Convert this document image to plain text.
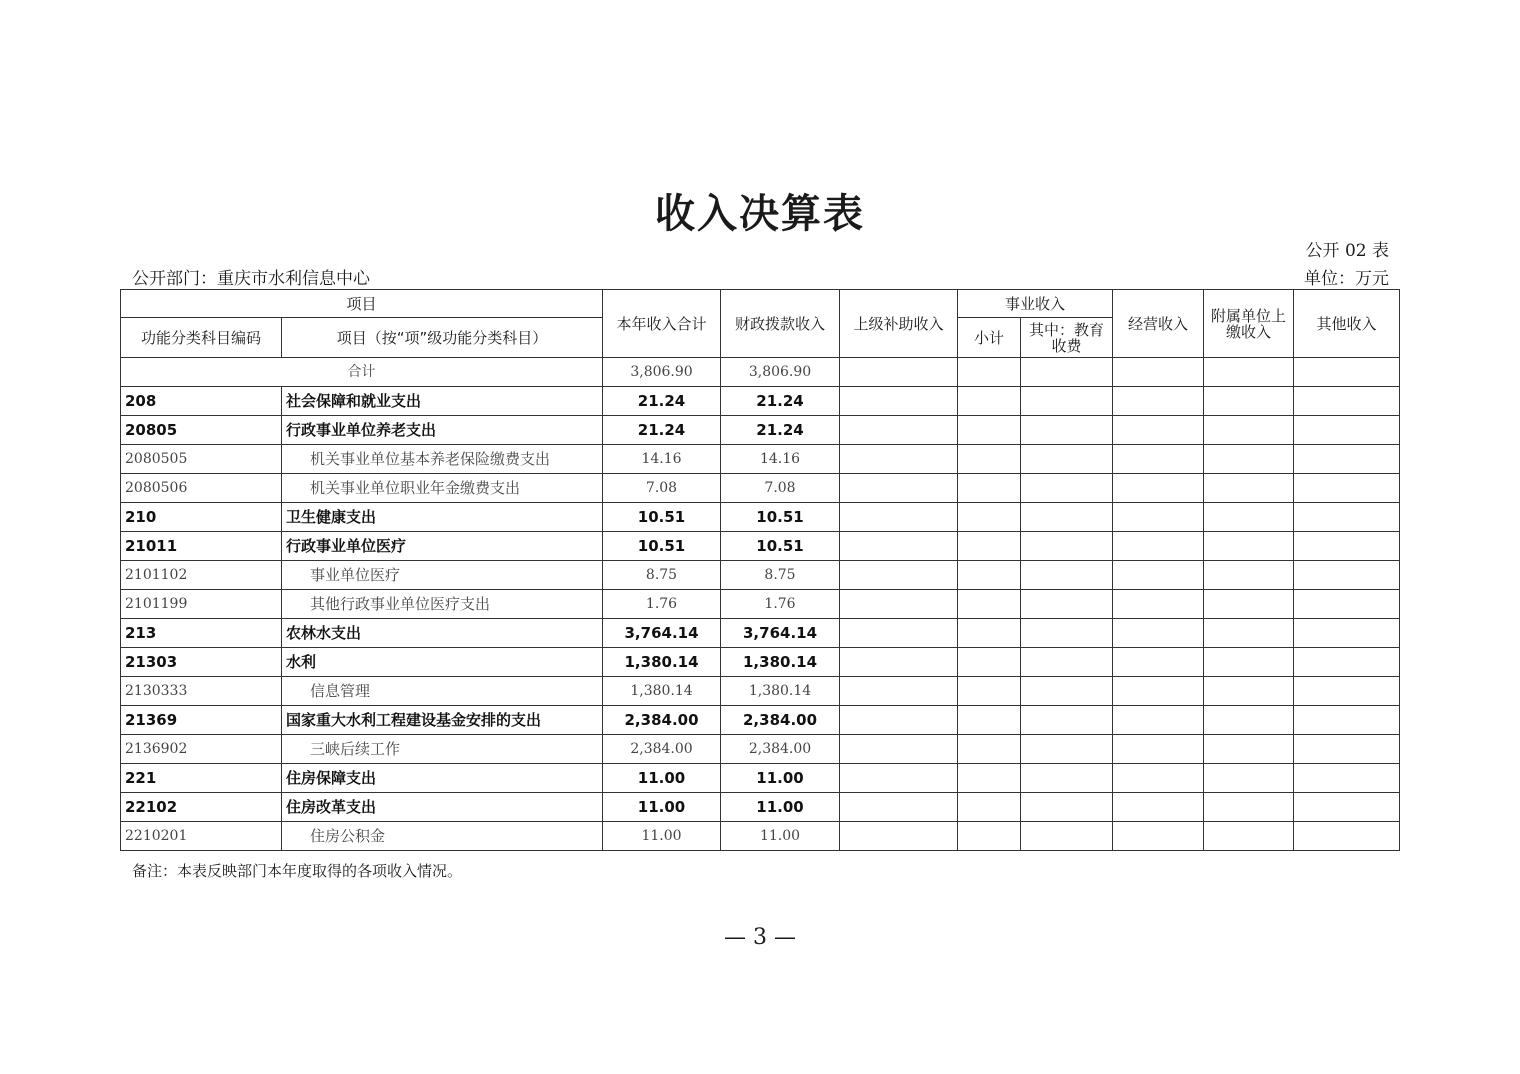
收入决算表
公开 02 表
公开部门：重庆市水利信息中心	单位：万元
项目		本年收入合计	财政拨款收入	上级补助收入	事业收入		经营收入	附属单位上缴收入	其他收入
功能分类科目编码	项目（按“项”级功能分类科目）				小计	其中：教育收费			
合计		3,806.90	3,806.90						
208	社会保障和就业支出	21.24	21.24						
20805	行政事业单位养老支出	21.24	21.24						
2080505	机关事业单位基本养老保险缴费支出	14.16	14.16						
2080506	机关事业单位职业年金缴费支出	7.08	7.08						
210	卫生健康支出	10.51	10.51						
21011	行政事业单位医疗	10.51	10.51						
2101102	事业单位医疗	8.75	8.75						
2101199	其他行政事业单位医疗支出	1.76	1.76						
213	农林水支出	3,764.14	3,764.14						
21303	水利	1,380.14	1,380.14						
2130333	信息管理	1,380.14	1,380.14						
21369	国家重大水利工程建设基金安排的支出	2,384.00	2,384.00						
2136902	三峡后续工作	2,384.00	2,384.00						
221	住房保障支出	11.00	11.00						
22102	住房改革支出	11.00	11.00						
2210201	住房公积金	11.00	11.00						
备注：本表反映部门本年度取得的各项收入情况。
— 3 —
